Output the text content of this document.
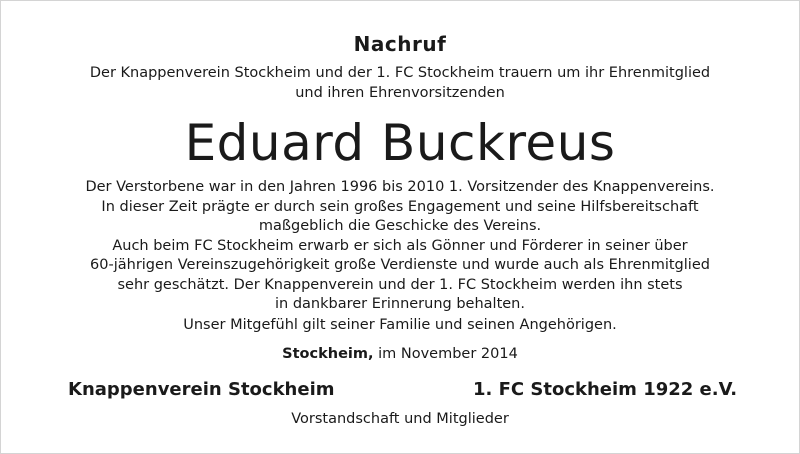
Nachruf
Der Knappenverein Stockheim und der 1. FC Stockheim trauern um ihr Ehrenmitglied
und ihren Ehrenvorsitzenden
Eduard Buckreus
Der Verstorbene war in den Jahren 1996 bis 2010 1. Vorsitzender des Knappenvereins.
In dieser Zeit prägte er durch sein großes Engagement und seine Hilfsbereitschaft
maßgeblich die Geschicke des Vereins.
Auch beim FC Stockheim erwarb er sich als Gönner und Förderer in seiner über
60-jährigen Vereinszugehörigkeit große Verdienste und wurde auch als Ehrenmitglied
sehr geschätzt. Der Knappenverein und der 1. FC Stockheim werden ihn stets
in dankbarer Erinnerung behalten.
Unser Mitgefühl gilt seiner Familie und seinen Angehörigen.
Stockheim, im November 2014
Knappenverein Stockheim	1. FC Stockheim 1922 e.V.
Vorstandschaft und Mitglieder
